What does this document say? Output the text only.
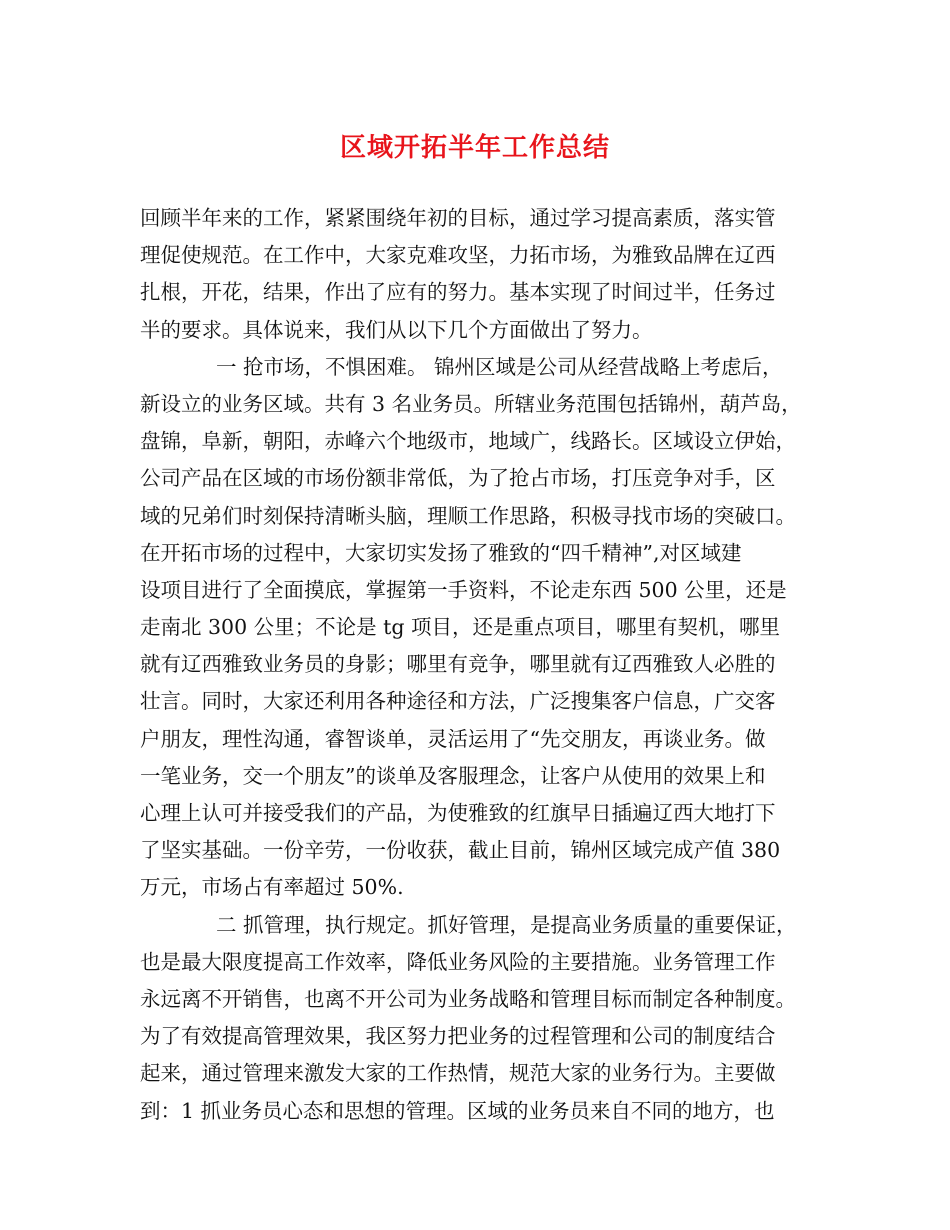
区域开拓半年工作总结
回顾半年来的工作，紧紧围绕年初的目标，通过学习提高素质，落实管
理促使规范。在工作中，大家克难攻坚，力拓市场，为雅致品牌在辽西
扎根，开花，结果，作出了应有的努力。基本实现了时间过半，任务过
半的要求。具体说来，我们从以下几个方面做出了努力。
一 抢市场，不惧困难。 锦州区域是公司从经营战略上考虑后，
新设立的业务区域。共有 3 名业务员。所辖业务范围包括锦州，葫芦岛，
盘锦，阜新，朝阳，赤峰六个地级市，地域广，线路长。区域设立伊始，
公司产品在区域的市场份额非常低，为了抢占市场，打压竞争对手，区
域的兄弟们时刻保持清晰头脑，理顺工作思路，积极寻找市场的突破口。
在开拓市场的过程中，大家切实发扬了雅致的“四千精神”,对区域建
设项目进行了全面摸底，掌握第一手资料，不论走东西 500 公里，还是
走南北 300 公里；不论是 tg 项目，还是重点项目，哪里有契机，哪里
就有辽西雅致业务员的身影；哪里有竞争，哪里就有辽西雅致人必胜的
壮言。同时，大家还利用各种途径和方法，广泛搜集客户信息，广交客
户朋友，理性沟通，睿智谈单，灵活运用了“先交朋友，再谈业务。做
一笔业务，交一个朋友”的谈单及客服理念，让客户从使用的效果上和
心理上认可并接受我们的产品，为使雅致的红旗早日插遍辽西大地打下
了坚实基础。一份辛劳，一份收获，截止目前，锦州区域完成产值 380
万元，市场占有率超过 50%.
二 抓管理，执行规定。抓好管理，是提高业务质量的重要保证，
也是最大限度提高工作效率，降低业务风险的主要措施。业务管理工作
永远离不开销售，也离不开公司为业务战略和管理目标而制定各种制度。
为了有效提高管理效果，我区努力把业务的过程管理和公司的制度结合
起来，通过管理来激发大家的工作热情，规范大家的业务行为。主要做
到：1 抓业务员心态和思想的管理。区域的业务员来自不同的地方，也
